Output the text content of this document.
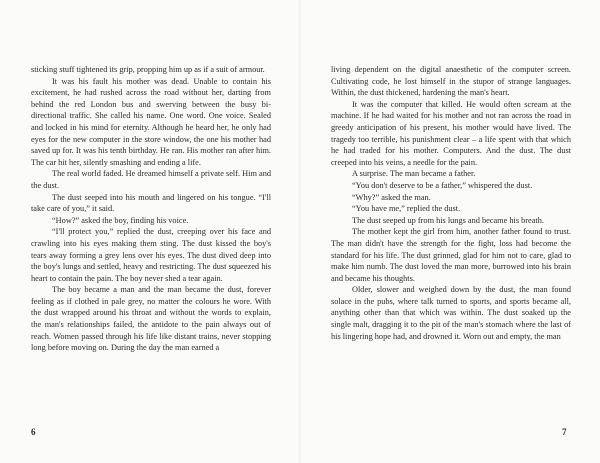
sticking stuff tightened its grip, propping him up as if a suit of armour.

It was his fault his mother was dead. Unable to contain his excitement, he had rushed across the road without her, darting from behind the red London bus and swerving between the busy bi-directional traffic. She called his name. One word. One voice. Sealed and locked in his mind for eternity. Although he heard her, he only had eyes for the new computer in the store window, the one his mother had saved up for. It was his tenth birthday. He ran. His mother ran after him. The car hit her, silently smashing and ending a life.

The real world faded. He dreamed himself a private self. Him and the dust.

The dust seeped into his mouth and lingered on his tongue. “I'll take care of you,” it said.

“How?” asked the boy, finding his voice.

“I'll protect you,” replied the dust, creeping over his face and crawling into his eyes making them sting. The dust kissed the boy's tears away forming a grey lens over his eyes. The dust dived deep into the boy's lungs and settled, heavy and restricting. The dust squeezed his heart to contain the pain. The boy never shed a tear again.

The boy became a man and the man became the dust, forever feeling as if clothed in pale grey, no matter the colours he wore. With the dust wrapped around his throat and without the words to explain, the man's relationships failed, the antidote to the pain always out of reach. Women passed through his life like distant trains, never stopping long before moving on. During the day the man earned a

6

living dependent on the digital anaesthetic of the computer screen. Cultivating code, he lost himself in the stupor of strange languages. Within, the dust thickened, hardening the man's heart.

It was the computer that killed. He would often scream at the machine. If he had waited for his mother and not ran across the road in greedy anticipation of his present, his mother would have lived. The tragedy too terrible, his punishment clear – a life spent with that which he had traded for his mother. Computers. And the dust. The dust creeped into his veins, a needle for the pain.

A surprise. The man became a father.

“You don't deserve to be a father,” whispered the dust.

“Why?” asked the man.

“You have me,” replied the dust.

The dust seeped up from his lungs and became his breath.

The mother kept the girl from him, another father found to trust. The man didn't have the strength for the fight, loss had become the standard for his life. The dust grinned, glad for him not to care, glad to make him numb. The dust loved the man more, burrowed into his brain and became his thoughts.

Older, slower and weighed down by the dust, the man found solace in the pubs, where talk turned to sports, and sports became all, anything other than that which was within. The dust soaked up the single malt, dragging it to the pit of the man's stomach where the last of his lingering hope had, and drowned it. Worn out and empty, the man

7
